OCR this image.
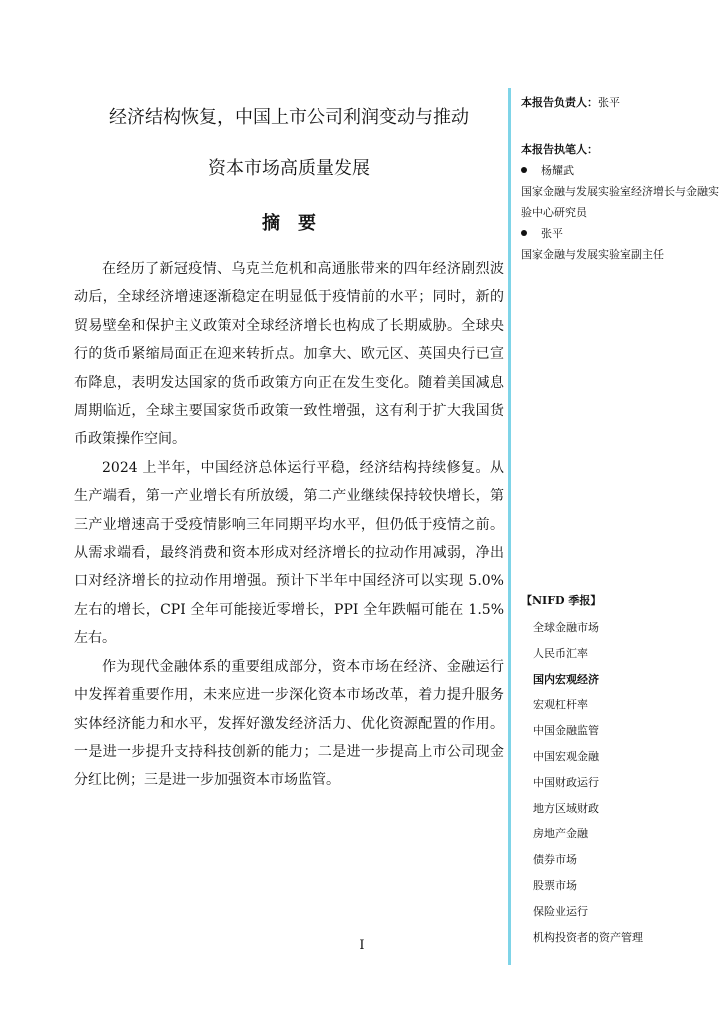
经济结构恢复，中国上市公司利润变动与推动
资本市场高质量发展
摘要

在经历了新冠疫情、乌克兰危机和高通胀带来的四年经济剧烈波动后，全球经济增速逐渐稳定在明显低于疫情前的水平；同时，新的贸易壁垒和保护主义政策对全球经济增长也构成了长期威胁。全球央行的货币紧缩局面正在迎来转折点。加拿大、欧元区、英国央行已宣布降息，表明发达国家的货币政策方向正在发生变化。随着美国减息周期临近，全球主要国家货币政策一致性增强，这有利于扩大我国货币政策操作空间。

2024 上半年，中国经济总体运行平稳，经济结构持续修复。从生产端看，第一产业增长有所放缓，第二产业继续保持较快增长，第三产业增速高于受疫情影响三年同期平均水平，但仍低于疫情之前。从需求端看，最终消费和资本形成对经济增长的拉动作用减弱，净出口对经济增长的拉动作用增强。预计下半年中国经济可以实现 5.0%左右的增长，CPI 全年可能接近零增长，PPI 全年跌幅可能在 1.5%左右。

作为现代金融体系的重要组成部分，资本市场在经济、金融运行中发挥着重要作用，未来应进一步深化资本市场改革，着力提升服务实体经济能力和水平，发挥好激发经济活力、优化资源配置的作用。一是进一步提升支持科技创新的能力；二是进一步提高上市公司现金分红比例；三是进一步加强资本市场监管。

I
本报告负责人：张平
本报告执笔人：
杨耀武
国家金融与发展实验室经济增长与金融实验中心研究员
张平
国家金融与发展实验室副主任
【NIFD 季报】
全球金融市场
人民币汇率
国内宏观经济
宏观杠杆率
中国金融监管
中国宏观金融
中国财政运行
地方区域财政
房地产金融
债券市场
股票市场
保险业运行
机构投资者的资产管理
